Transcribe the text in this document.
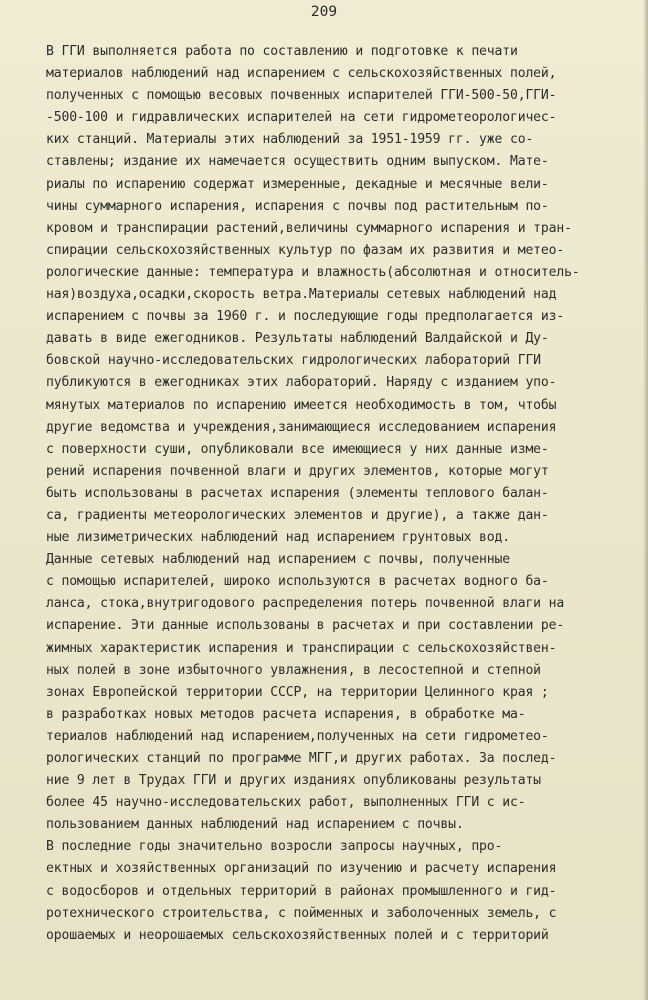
209
В ГГИ выполняется работа по составлению и подготовке к печати
материалов наблюдений над испарением с сельскохозяйственных полей,
полученных с помощью весовых почвенных испарителей ГГИ-500-50,ГГИ-
-500-100 и гидравлических испарителей на сети гидрометеорологичес-
ких станций. Материалы этих наблюдений за 1951-1959 гг. уже со-
ставлены; издание их намечается осуществить одним выпуском. Мате-
риалы по испарению содержат измеренные, декадные и месячные вели-
чины суммарного испарения, испарения с почвы под растительным по-
кровом и транспирации растений,величины суммарного испарения и тран-
спирации сельскохозяйственных культур по фазам их развития и метео-
рологические данные: температура и влажность(абсолютная и относитель-
ная)воздуха,осадки,скорость ветра.Материалы сетевых наблюдений над
испарением с почвы за 1960 г. и последующие годы предполагается из-
давать в виде ежегодников. Результаты наблюдений Валдайской и Ду-
бовской научно-исследовательских гидрологических лабораторий ГГИ
публикуются в ежегодниках этих лабораторий. Наряду с изданием упо-
мянутых материалов по испарению имеется необходимость в том, чтобы
другие ведомства и учреждения,занимающиеся исследованием испарения
с поверхности суши, опубликовали все имеющиеся у них данные изме-
рений испарения почвенной влаги и других элементов, которые могут
быть использованы в расчетах испарения (элементы теплового балан-
са, градиенты метеорологических элементов и другие), а также дан-
ные лизиметрических наблюдений над испарением грунтовых вод.
Данные сетевых наблюдений над испарением с почвы, полученные
с помощью испарителей, широко используются в расчетах водного ба-
ланса, стока,внутригодового распределения потерь почвенной влаги на
испарение. Эти данные использованы в расчетах и при составлении ре-
жимных характеристик испарения и транспирации с сельскохозяйствен-
ных полей в зоне избыточного увлажнения, в лесостепной и степной
зонах Европейской территории СССР, на территории Целинного края ;
в разработках новых методов расчета испарения, в обработке ма-
териалов наблюдений над испарением,полученных на сети гидрометео-
рологических станций по программе МГГ,и других работах. За послед-
ние 9 лет в Трудах ГГИ и других изданиях опубликованы результаты
более 45 научно-исследовательских работ, выполненных ГГИ с ис-
пользованием данных наблюдений над испарением с почвы.
В последние годы значительно возросли запросы научных, про-
ектных и хозяйственных организаций по изучению и расчету испарения
с водосборов и отдельных территорий в районах промышленного и гид-
ротехнического строительства, с пойменных и заболоченных земель, с
орошаемых и неорошаемых сельскохозяйственных полей и с территорий
